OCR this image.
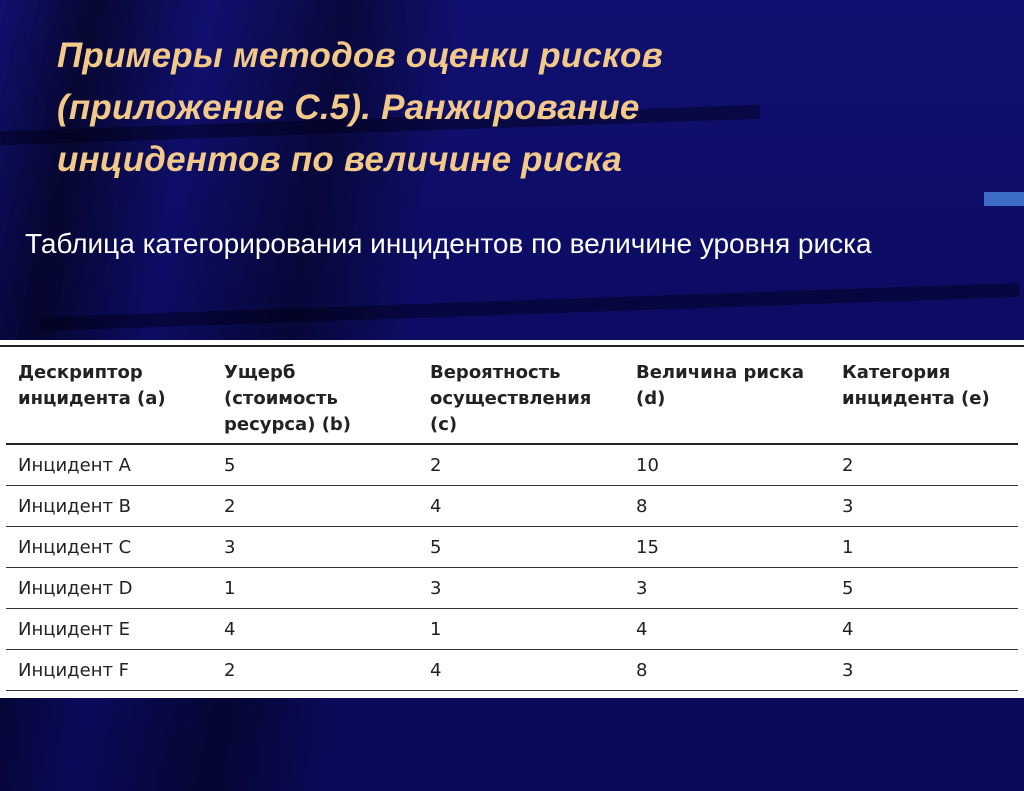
Примеры методов оценки рисков (приложение С.5). Ранжирование инцидентов по величине риска

Таблица категорирования инцидентов по величине уровня риска

Дескриптор инцидента (a)	Ущерб (стоимость ресурса) (b)	Вероятность осуществления (c)	Величина риска (d)	Категория инцидента (e)
Инцидент A	5	2	10	2
Инцидент B	2	4	8	3
Инцидент C	3	5	15	1
Инцидент D	1	3	3	5
Инцидент E	4	1	4	4
Инцидент F	2	4	8	3
